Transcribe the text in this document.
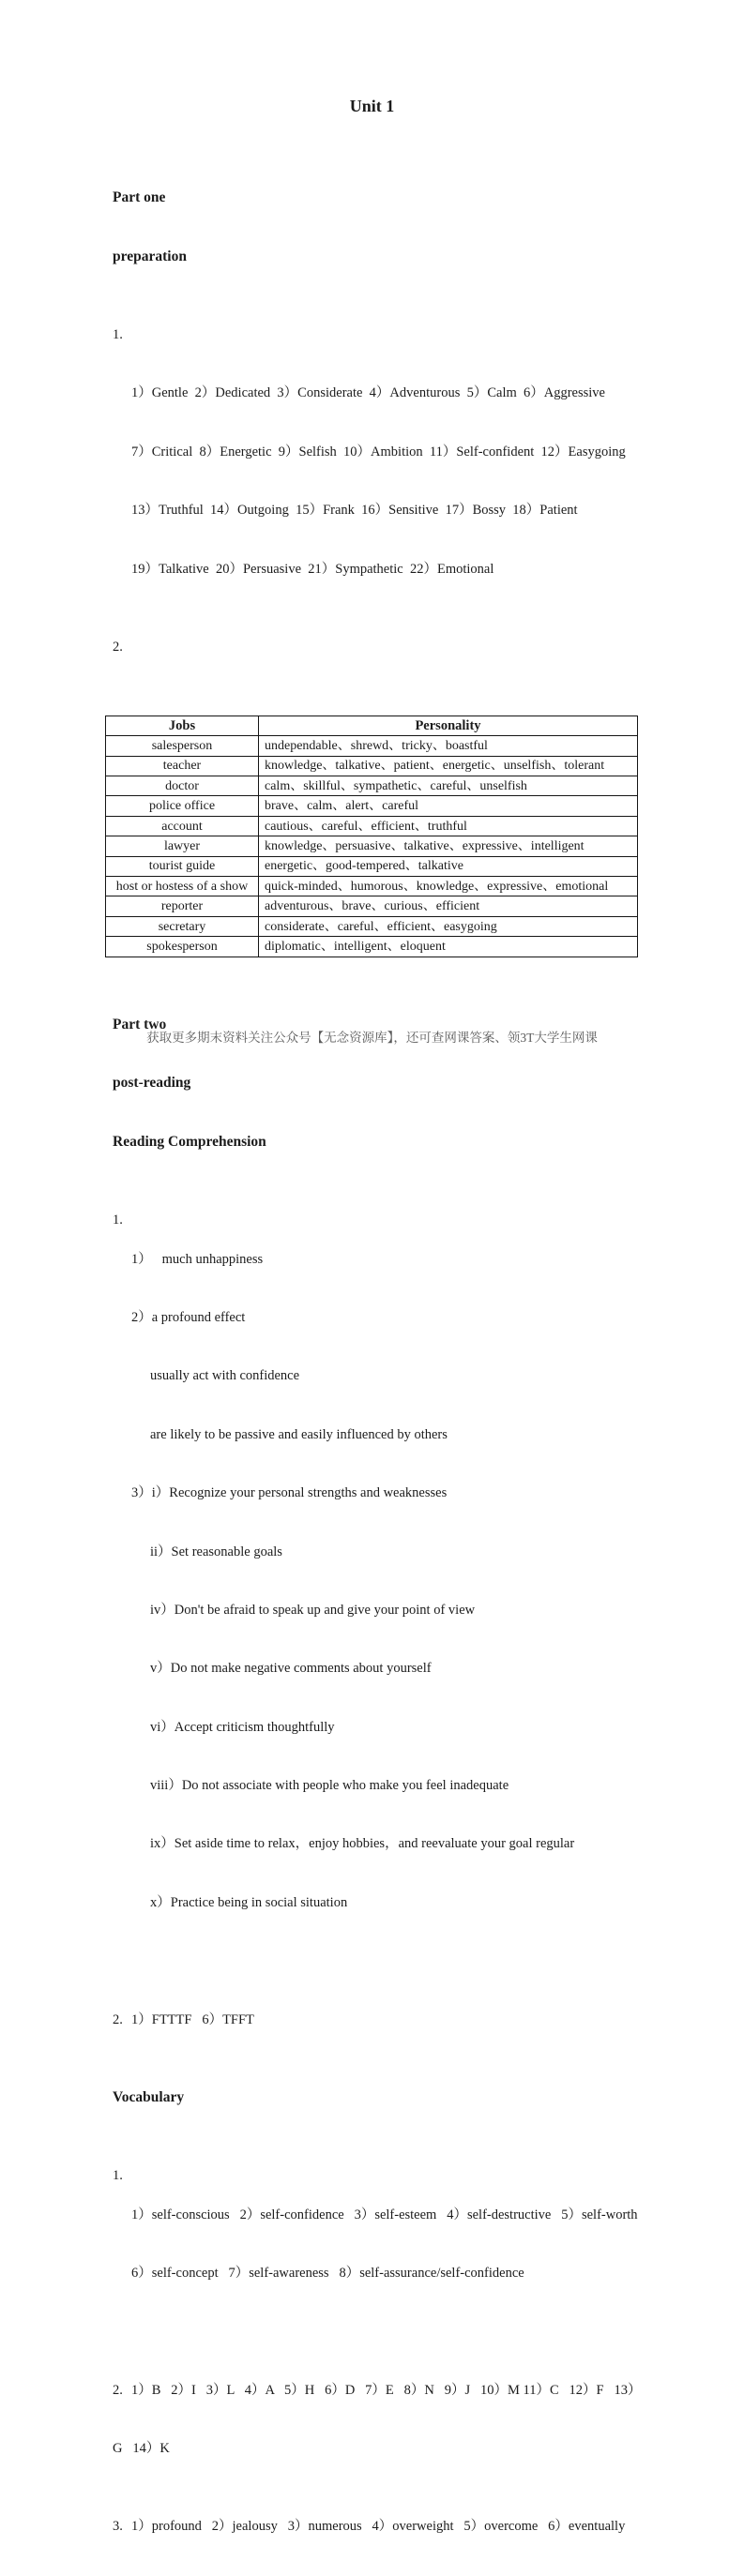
Unit 1

Part one

preparation

1.

1）Gentle  2）Dedicated  3）Considerate  4）Adventurous  5）Calm  6）Aggressive

7）Critical  8）Energetic  9）Selfish  10）Ambition  11）Self-confident  12）Easygoing

13）Truthful  14）Outgoing  15）Frank  16）Sensitive  17）Bossy  18）Patient

19）Talkative  20）Persuasive  21）Sympathetic  22）Emotional

2.

Jobs	Personality
salesperson	undependable、shrewd、tricky、boastful
teacher	knowledge、talkative、patient、energetic、unselfish、tolerant
doctor	calm、skillful、sympathetic、careful、unselfish
police office	brave、calm、alert、careful
account	cautious、careful、efficient、truthful
lawyer	knowledge、persuasive、talkative、expressive、intelligent
tourist guide	energetic、good-tempered、talkative
host or hostess of a show	quick-minded、humorous、knowledge、expressive、emotional
reporter	adventurous、brave、curious、efficient
secretary	considerate、careful、efficient、easygoing
spokesperson	diplomatic、intelligent、eloquent

Part two

post-reading

Reading Comprehension

1.

1）   much unhappiness

2）a profound effect

usually act with confidence

are likely to be passive and easily influenced by others

3）i）Recognize your personal strengths and weaknesses

ii）Set reasonable goals

iv）Don't be afraid to speak up and give your point of view

v）Do not make negative comments about yourself

vi）Accept criticism thoughtfully

viii）Do not associate with people who make you feel inadequate

ix）Set aside time to relax，enjoy hobbies，and reevaluate your goal regular

x）Practice being in social situation

2. 1）FTTTF   6）TFFT

Vocabulary

1.

1）self-conscious   2）self-confidence   3）self-esteem   4）self-destructive   5）self-worth

6）self-concept   7）self-awareness   8）self-assurance/self-confidence

2. 1）B   2）I   3）L   4）A   5）H   6）D   7）E   8）N   9）J   10）M 11）C   12）F   13）

G   14）K

3. 1）profound   2）jealousy   3）numerous   4）overweight   5）overcome   6）eventually

获取更多期末资料关注公众号【无念资源库】，还可查网课答案、领3T大学生网课
